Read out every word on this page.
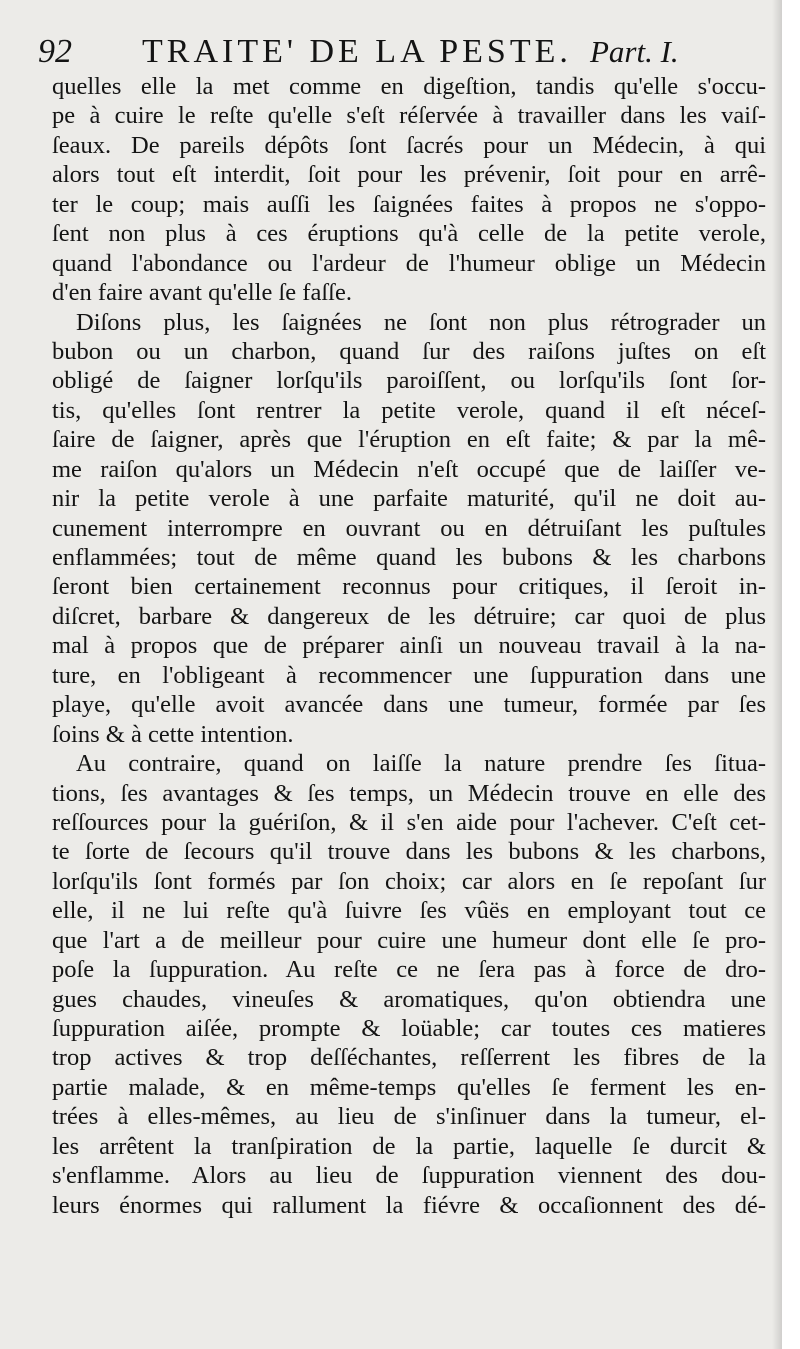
92 TRAITE' DE LA PESTE. Part. I.
quelles elle la met comme en digeſtion, tandis qu'elle s'occu-
pe à cuire le reſte qu'elle s'eſt réſervée à travailler dans les vaiſ-
ſeaux. De pareils dépôts ſont ſacrés pour un Médecin, à qui
alors tout eſt interdit, ſoit pour les prévenir, ſoit pour en arrê-
ter le coup; mais auſſi les ſaignées faites à propos ne s'oppo-
ſent non plus à ces éruptions qu'à celle de la petite verole,
quand l'abondance ou l'ardeur de l'humeur oblige un Médecin
d'en faire avant qu'elle ſe faſſe.
Diſons plus, les ſaignées ne ſont non plus rétrograder un
bubon ou un charbon, quand ſur des raiſons juſtes on eſt
obligé de ſaigner lorſqu'ils paroiſſent, ou lorſqu'ils ſont ſor-
tis, qu'elles ſont rentrer la petite verole, quand il eſt néceſ-
ſaire de ſaigner, après que l'éruption en eſt faite; & par la mê-
me raiſon qu'alors un Médecin n'eſt occupé que de laiſſer ve-
nir la petite verole à une parfaite maturité, qu'il ne doit au-
cunement interrompre en ouvrant ou en détruiſant les puſtules
enflammées; tout de même quand les bubons & les charbons
ſeront bien certainement reconnus pour critiques, il ſeroit in-
diſcret, barbare & dangereux de les détruire; car quoi de plus
mal à propos que de préparer ainſi un nouveau travail à la na-
ture, en l'obligeant à recommencer une ſuppuration dans une
playe, qu'elle avoit avancée dans une tumeur, formée par ſes
ſoins & à cette intention.
Au contraire, quand on laiſſe la nature prendre ſes ſitua-
tions, ſes avantages & ſes temps, un Médecin trouve en elle des
reſſources pour la guériſon, & il s'en aide pour l'achever. C'eſt cet-
te ſorte de ſecours qu'il trouve dans les bubons & les charbons,
lorſqu'ils ſont formés par ſon choix; car alors en ſe repoſant ſur
elle, il ne lui reſte qu'à ſuivre ſes vûës en employant tout ce
que l'art a de meilleur pour cuire une humeur dont elle ſe pro-
poſe la ſuppuration. Au reſte ce ne ſera pas à force de dro-
gues chaudes, vineuſes & aromatiques, qu'on obtiendra une
ſuppuration aiſée, prompte & loüable; car toutes ces matieres
trop actives & trop deſſéchantes, reſſerrent les fibres de la
partie malade, & en même-temps qu'elles ſe ferment les en-
trées à elles-mêmes, au lieu de s'inſinuer dans la tumeur, el-
les arrêtent la tranſpiration de la partie, laquelle ſe durcit &
s'enflamme. Alors au lieu de ſuppuration viennent des dou-
leurs énormes qui rallument la fiévre & occaſionnent des dé-
